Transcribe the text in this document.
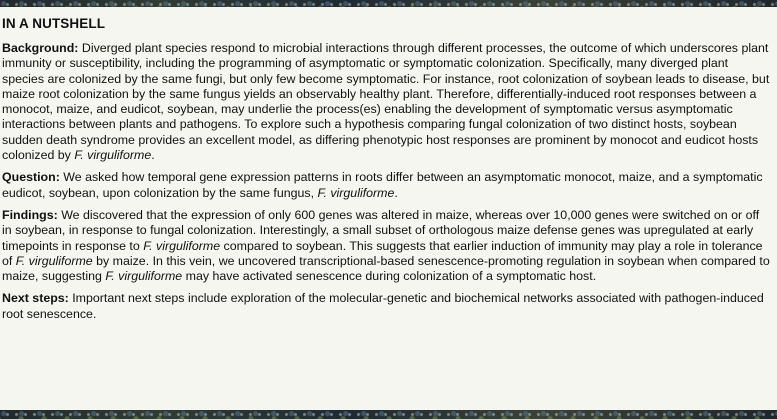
IN A NUTSHELL

Background: Diverged plant species respond to microbial interactions through different processes, the outcome of which underscores plant immunity or susceptibility, including the programming of asymptomatic or symptomatic colonization. Specifically, many diverged plant species are colonized by the same fungi, but only few become symptomatic. For instance, root colonization of soybean leads to disease, but maize root colonization by the same fungus yields an observably healthy plant. Therefore, differentially-induced root responses between a monocot, maize, and eudicot, soybean, may underlie the process(es) enabling the development of symptomatic versus asymptomatic interactions between plants and pathogens. To explore such a hypothesis comparing fungal colonization of two distinct hosts, soybean sudden death syndrome provides an excellent model, as differing phenotypic host responses are prominent by monocot and eudicot hosts colonized by F. virguliforme.

Question: We asked how temporal gene expression patterns in roots differ between an asymptomatic monocot, maize, and a symptomatic eudicot, soybean, upon colonization by the same fungus, F. virguliforme.

Findings: We discovered that the expression of only 600 genes was altered in maize, whereas over 10,000 genes were switched on or off in soybean, in response to fungal colonization. Interestingly, a small subset of orthologous maize defense genes was upregulated at early timepoints in response to F. virguliforme compared to soybean. This suggests that earlier induction of immunity may play a role in tolerance of F. virguliforme by maize. In this vein, we uncovered transcriptional-based senescence-promoting regulation in soybean when compared to maize, suggesting F. virguliforme may have activated senescence during colonization of a symptomatic host.

Next steps: Important next steps include exploration of the molecular-genetic and biochemical networks associated with pathogen-induced root senescence.
